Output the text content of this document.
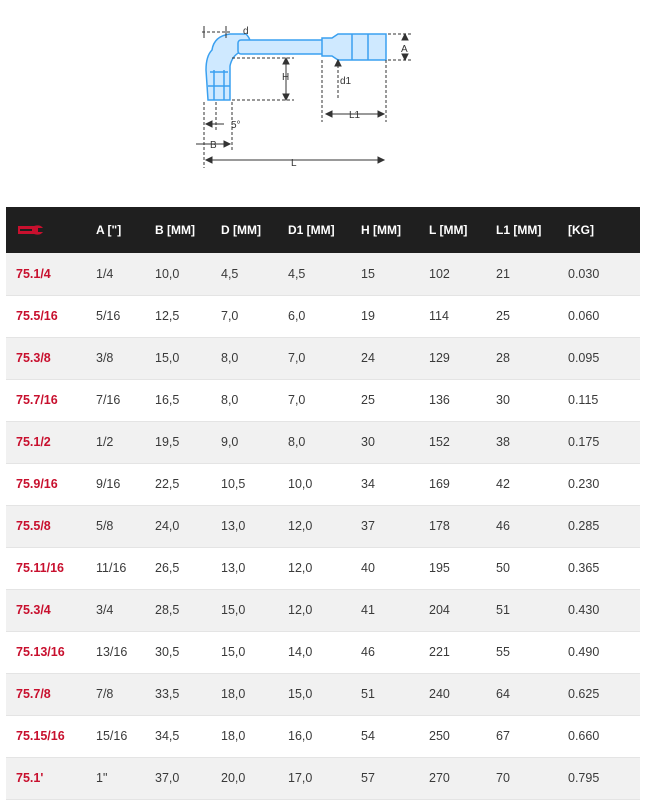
d
A
H	d1
L1
5°
B
L
	A ["]	B [MM]	D [MM]	D1 [MM]	H [MM]	L [MM]	L1 [MM]	[KG]
75.1/4	1/4	10,0	4,5	4,5	15	102	21	0.030
75.5/16	5/16	12,5	7,0	6,0	19	114	25	0.060
75.3/8	3/8	15,0	8,0	7,0	24	129	28	0.095
75.7/16	7/16	16,5	8,0	7,0	25	136	30	0.115
75.1/2	1/2	19,5	9,0	8,0	30	152	38	0.175
75.9/16	9/16	22,5	10,5	10,0	34	169	42	0.230
75.5/8	5/8	24,0	13,0	12,0	37	178	46	0.285
75.11/16	11/16	26,5	13,0	12,0	40	195	50	0.365
75.3/4	3/4	28,5	15,0	12,0	41	204	51	0.430
75.13/16	13/16	30,5	15,0	14,0	46	221	55	0.490
75.7/8	7/8	33,5	18,0	15,0	51	240	64	0.625
75.15/16	15/16	34,5	18,0	16,0	54	250	67	0.660
75.1'	1"	37,0	20,0	17,0	57	270	70	0.795
